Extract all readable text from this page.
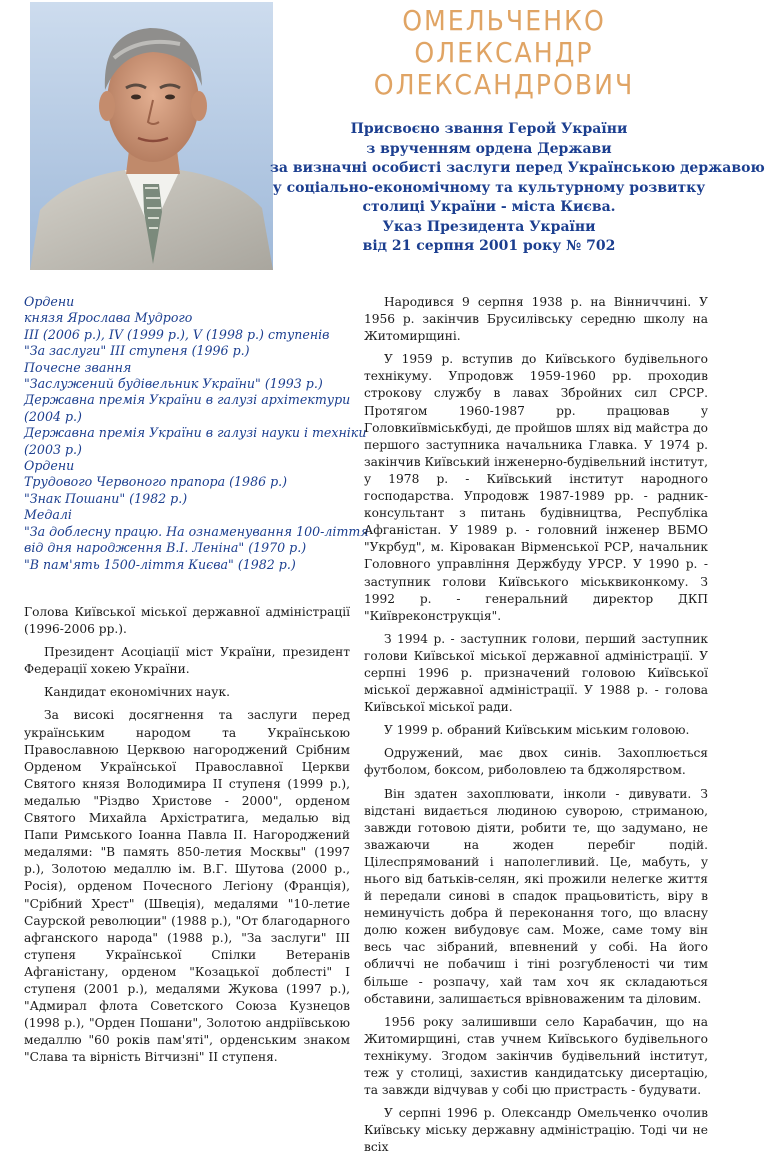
ОМЕЛЬЧЕНКО
ОЛЕКСАНДР
ОЛЕКСАНДРОВИЧ
Присвоєно звання Герой України
з врученням ордена Держави
за визначні особисті заслуги перед Українською державою
у соціально-економічному та культурному розвитку
столиці України - міста Києва.
Указ Президента України
від 21 серпня 2001 року № 702
Ордени
князя Ярослава Мудрого
III (2006 р.), IV (1999 р.), V (1998 р.) ступенів
"За заслуги" III ступеня (1996 р.)
Почесне звання
"Заслужений будівельник України" (1993 р.)
Державна премія України в галузі архітектури
(2004 р.)
Державна премія України в галузі науки і техніки
(2003 р.)
Ордени
Трудового Червоного прапора (1986 р.)
"Знак Пошани" (1982 р.)
Медалі
"За доблесну працю. На ознаменування 100-ліття
від дня народження В.І. Леніна" (1970 р.)
"В пам'ять 1500-ліття Києва" (1982 р.)

Голова Київської міської державної адміністрації (1996-2006 рр.).

Президент Асоціації міст України, президент Федерації хокею України.

Кандидат економічних наук.

За високі досягнення та заслуги перед українським народом та Українською Православною Церквою нагороджений Срібним Орденом Української Православної Церкви Святого князя Володимира II ступеня (1999 р.), медалью "Різдво Христове - 2000", орденом Святого Михайла Архістратига, медалью від Папи Римського Іоанна Павла II. Нагороджений медалями: "В память 850-летия Москвы" (1997 р.), Золотою медаллю ім. В.Г. Шутова (2000 р., Росія), орденом Почесного Легіону (Франція), "Срібний Хрест" (Швеція), медалями "10-летие Саурской революции" (1988 р.), "От благодарного афганского народа" (1988 р.), "За заслуги" III ступеня Української Спілки Ветеранів Афганістану, орденом "Козацької доблесті" I ступеня (2001 р.), медалями Жукова (1997 р.), "Адмирал флота Советского Союза Кузнецов (1998 р.), "Орден Пошани", Золотою андріївською медаллю "60 років пам'яті", орденським знаком "Слава та вірність Вітчизні" II ступеня.

Народився 9 серпня 1938 р. на Вінниччині. У 1956 р. закінчив Брусилівську середню школу на Житомирщині.

У 1959 р. вступив до Київського будівельного технікуму. Упродовж 1959-1960 рр. проходив строкову службу в лавах Збройних сил СРСР. Протягом 1960-1987 рр. працював у Головкиївміськбуді, де пройшов шлях від майстра до першого заступника начальника Главка. У 1974 р. закінчив Київський інженерно-будівельний інститут, у 1978 р. - Київський інститут народного господарства. Упродовж 1987-1989 рр. - радник-консультант з питань будівництва, Республіка Афганістан. У 1989 р. - головний інженер ВБМО "Укрбуд", м. Кіровакан Вірменської РСР, начальник Головного управління Держбуду УРСР. У 1990 р. - заступник голови Київського міськвиконкому. З 1992 р. - генеральний директор ДКП "Київреконструкція".

З 1994 р. - заступник голови, перший заступник голови Київської міської державної адміністрації. У серпні 1996 р. призначений головою Київської міської державної адміністрації. У 1988 р. - голова Київської міської ради.

У 1999 р. обраний Київським міським головою.

Одружений, має двох синів. Захоплюється футболом, боксом, риболовлею та бджолярством.

Він здатен захоплювати, інколи - дивувати. З відстані видається людиною суворою, стриманою, завжди готовою діяти, робити те, що задумано, не зважаючи на жоден перебіг подій. Цілеспрямований і наполегливий. Це, мабуть, у нього від батьків-селян, які прожили нелегке життя й передали синові в спадок працьовитість, віру в неминучість добра й переконання того, що власну долю кожен вибудовує сам. Може, саме тому він весь час зібраний, впевнений у собі. На його обличчі не побачиш і тіні розгубленості чи тим більше - розпачу, хай там хоч як складаються обставини, залишається врівноваженим та діловим.

1956 року залишивши село Карабачин, що на Житомирщині, став учнем Київського будівельного технікуму. Згодом закінчив будівельний інститут, теж у столиці, захистив кандидатську дисертацію, та завжди відчував у собі цю пристрасть - будувати.

У серпні 1996 р. Олександр Омельченко очолив Київську міську державну адміністрацію. Тоді чи не всіх
